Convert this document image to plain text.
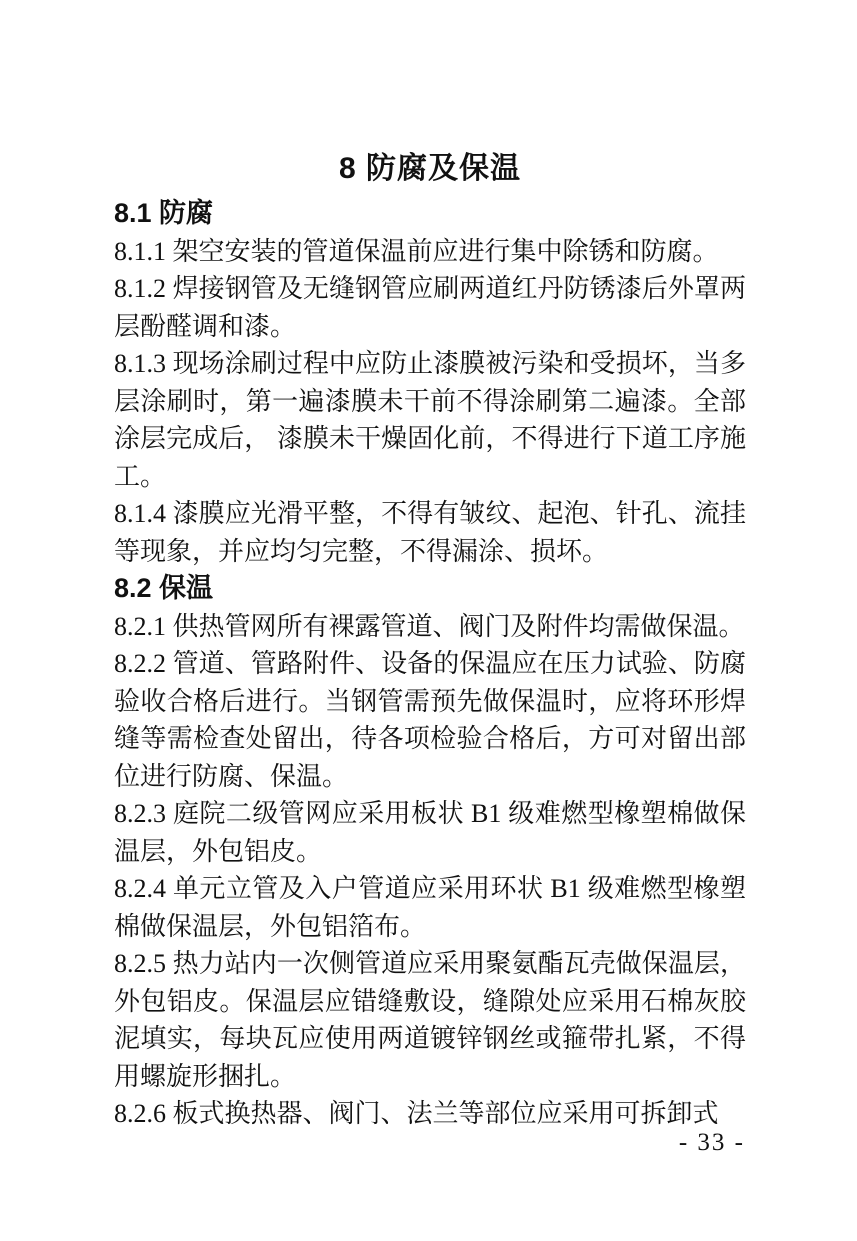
8 防腐及保温
8.1 防腐

8.1.1 架空安装的管道保温前应进行集中除锈和防腐。

8.1.2 焊接钢管及无缝钢管应刷两道红丹防锈漆后外罩两层酚醛调和漆。

8.1.3 现场涂刷过程中应防止漆膜被污染和受损坏，当多层涂刷时，第一遍漆膜未干前不得涂刷第二遍漆。全部涂层完成后， 漆膜未干燥固化前，不得进行下道工序施工。

8.1.4 漆膜应光滑平整，不得有皱纹、起泡、针孔、流挂等现象，并应均匀完整，不得漏涂、损坏。

8.2 保温

8.2.1 供热管网所有裸露管道、阀门及附件均需做保温。

8.2.2 管道、管路附件、设备的保温应在压力试验、防腐验收合格后进行。当钢管需预先做保温时，应将环形焊缝等需检查处留出，待各项检验合格后，方可对留出部位进行防腐、保温。

8.2.3 庭院二级管网应采用板状 B1 级难燃型橡塑棉做保温层，外包铝皮。

8.2.4 单元立管及入户管道应采用环状 B1 级难燃型橡塑棉做保温层，外包铝箔布。

8.2.5 热力站内一次侧管道应采用聚氨酯瓦壳做保温层，外包铝皮。保温层应错缝敷设，缝隙处应采用石棉灰胶泥填实，每块瓦应使用两道镀锌钢丝或箍带扎紧，不得用螺旋形捆扎。

8.2.6 板式换热器、阀门、法兰等部位应采用可拆卸式

- 33 -
